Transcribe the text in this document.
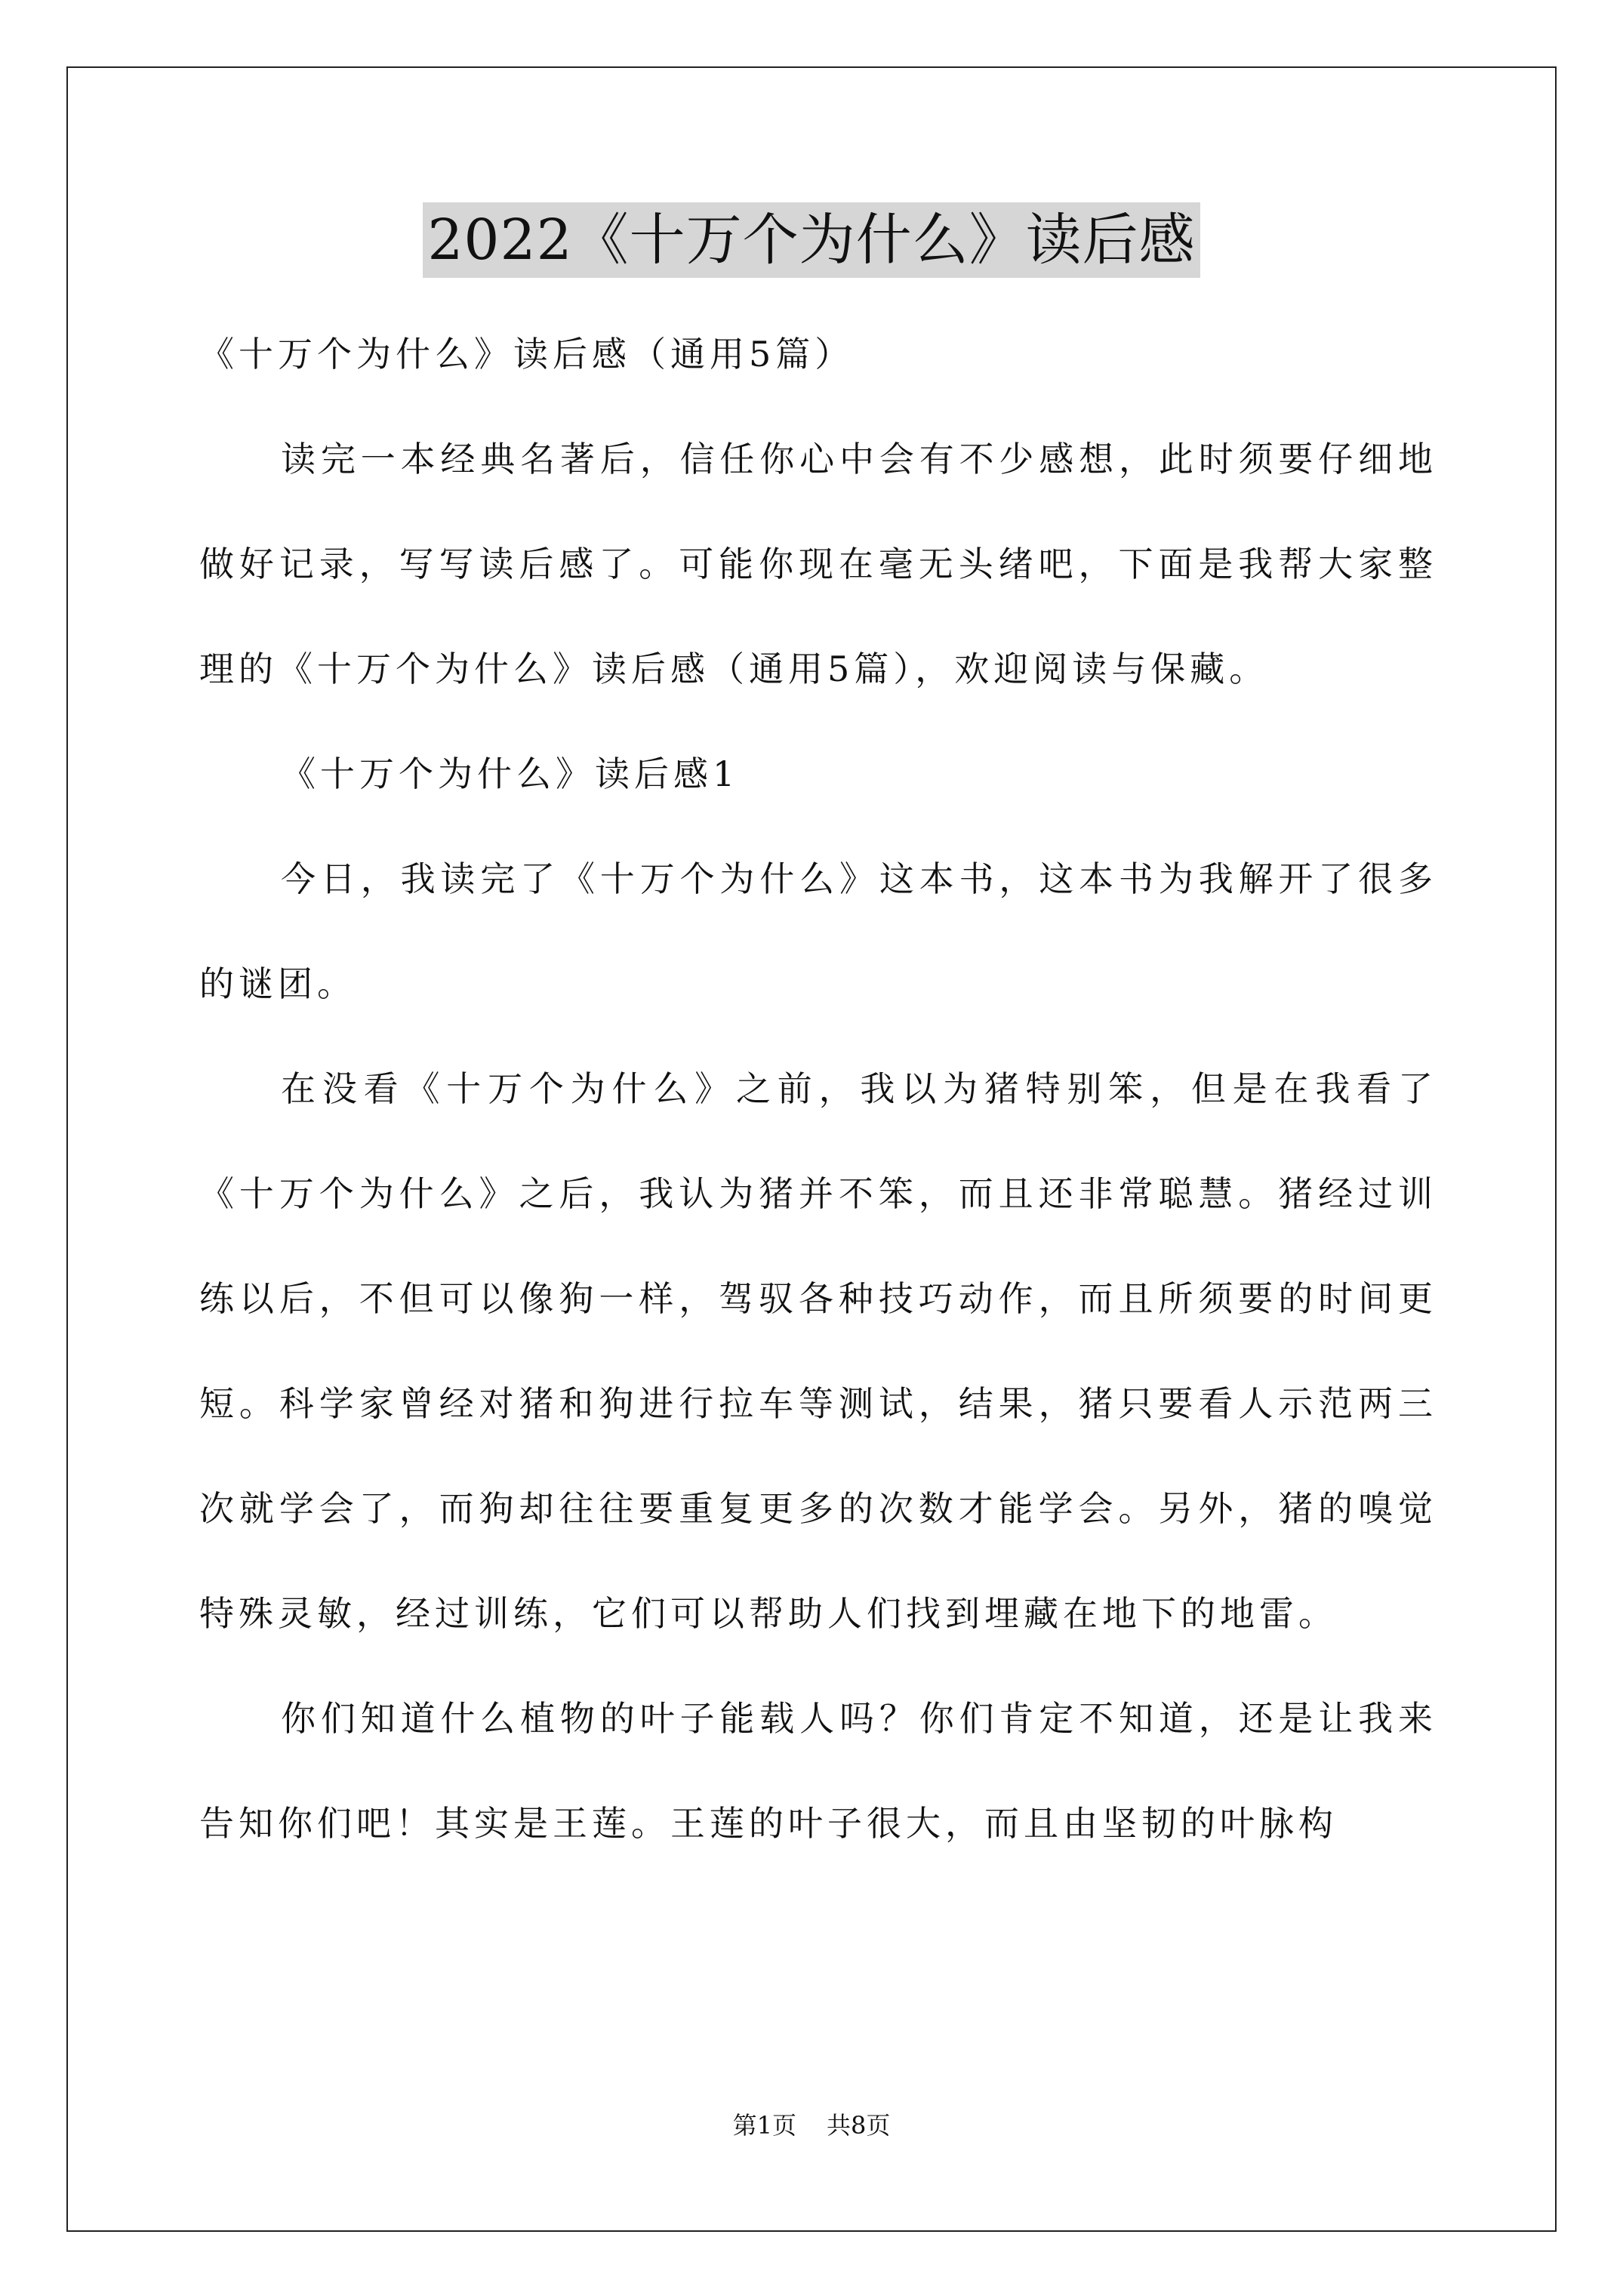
2022《十万个为什么》读后感

《十万个为什么》读后感（通用5篇）

读完一本经典名著后，信任你心中会有不少感想，此时须要仔细地做好记录，写写读后感了。可能你现在毫无头绪吧，下面是我帮大家整理的《十万个为什么》读后感（通用5篇），欢迎阅读与保藏。

《十万个为什么》读后感1

今日，我读完了《十万个为什么》这本书，这本书为我解开了很多的谜团。

在没看《十万个为什么》之前，我以为猪特别笨，但是在我看了《十万个为什么》之后，我认为猪并不笨，而且还非常聪慧。猪经过训练以后，不但可以像狗一样，驾驭各种技巧动作，而且所须要的时间更短。科学家曾经对猪和狗进行拉车等测试，结果，猪只要看人示范两三次就学会了，而狗却往往要重复更多的次数才能学会。另外，猪的嗅觉特殊灵敏，经过训练，它们可以帮助人们找到埋藏在地下的地雷。

你们知道什么植物的叶子能载人吗？你们肯定不知道，还是让我来告知你们吧！其实是王莲。王莲的叶子很大，而且由坚韧的叶脉构

第1页 共8页
